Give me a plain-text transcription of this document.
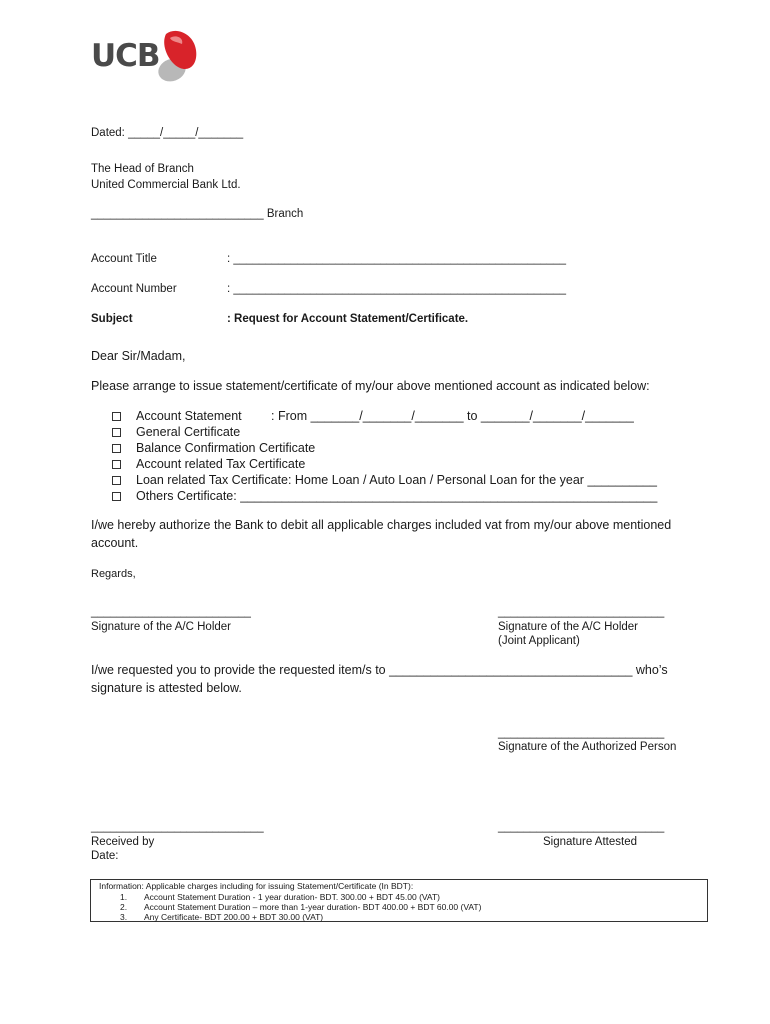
UCB
Dated: _____/_____/_______
The Head of Branch
United Commercial Bank Ltd.
___________________________ Branch
Account Title	: ____________________________________________________
Account Number	: ____________________________________________________
Subject	: Request for Account Statement/Certificate.
Dear Sir/Madam,
Please arrange to issue statement/certificate of my/our above mentioned account as indicated below:
Account Statement : From _______/_______/_______ to _______/_______/_______
General Certificate
Balance Confirmation Certificate
Account related Tax Certificate
Loan related Tax Certificate: Home Loan / Auto Loan / Personal Loan for the year __________
Others Certificate: ____________________________________________________________
I/we hereby authorize the Bank to debit all applicable charges included vat from my/our above mentioned
account.
Regards,
_________________________
Signature of the A/C Holder
__________________________
Signature of the A/C Holder
(Joint Applicant)
I/we requested you to provide the requested item/s to ___________________________________ who’s
signature is attested below.
__________________________
Signature of the Authorized Person
___________________________
Received by
Date:
__________________________
Signature Attested
Information: Applicable charges including for issuing Statement/Certificate (In BDT):
1. Account Statement Duration - 1 year duration- BDT. 300.00 + BDT 45.00 (VAT)
2. Account Statement Duration – more than 1-year duration- BDT 400.00 + BDT 60.00 (VAT)
3. Any Certificate- BDT 200.00 + BDT 30.00 (VAT)
